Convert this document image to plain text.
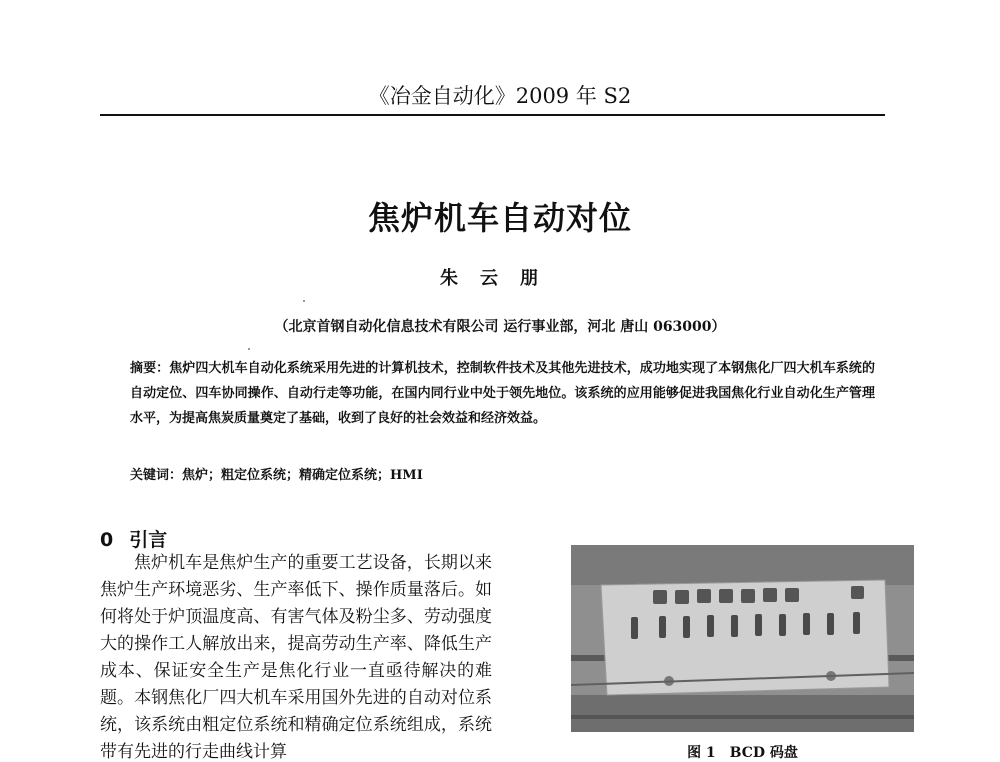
《冶金自动化》2009 年 S2
焦炉机车自动对位
朱云朋
（北京首钢自动化信息技术有限公司 运行事业部，河北 唐山 063000）
摘要：焦炉四大机车自动化系统采用先进的计算机技术，控制软件技术及其他先进技术，成功地实现了本钢焦化厂四大机车系统的自动定位、四车协同操作、自动行走等功能，在国内同行业中处于领先地位。该系统的应用能够促进我国焦化行业自动化生产管理水平，为提高焦炭质量奠定了基础，收到了良好的社会效益和经济效益。
关键词：焦炉；粗定位系统；精确定位系统；HMI
0 引言
焦炉机车是焦炉生产的重要工艺设备，长期以来焦炉生产环境恶劣、生产率低下、操作质量落后。如何将处于炉顶温度高、有害气体及粉尘多、劳动强度大的操作工人解放出来，提高劳动生产率、降低生产成本、保证安全生产是焦化行业一直亟待解决的难题。本钢焦化厂四大机车采用国外先进的自动对位系统，该系统由粗定位系统和精确定位系统组成，系统带有先进的行走曲线计算	图 1　BCD 码盘
